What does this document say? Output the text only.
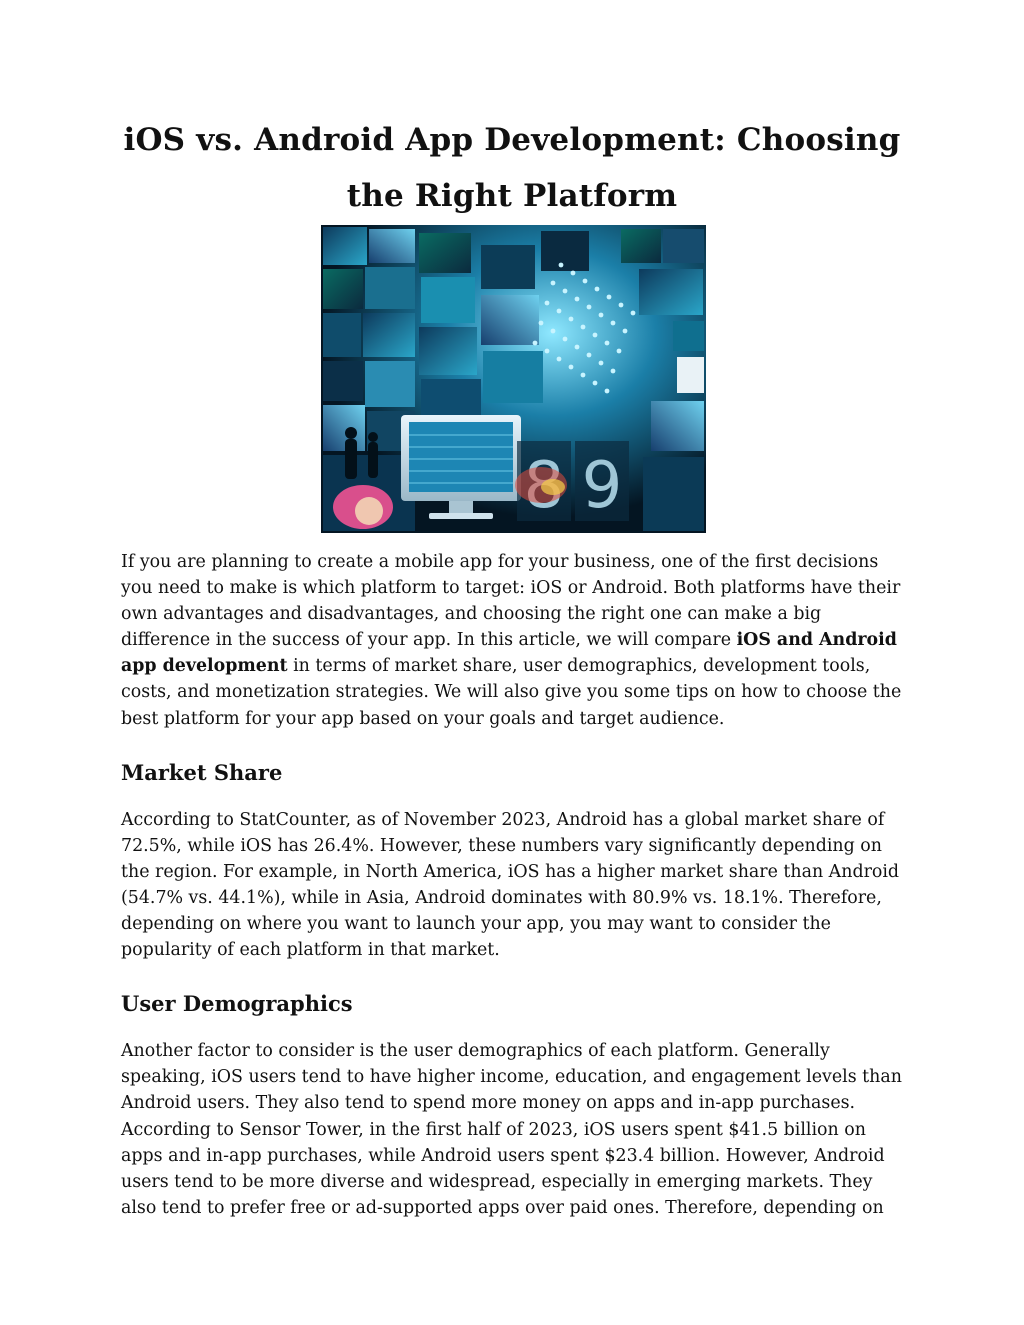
iOS vs. Android App Development: Choosing
the Right Platform
9

If you are planning to create a mobile app for your business, one of the first decisions you need to make is which platform to target: iOS or Android. Both platforms have their own advantages and disadvantages, and choosing the right one can make a big difference in the success of your app. In this article, we will compare iOS and Android app development in terms of market share, user demographics, development tools, costs, and monetization strategies. We will also give you some tips on how to choose the best platform for your app based on your goals and target audience.

Market Share

According to StatCounter, as of November 2023, Android has a global market share of 72.5%, while iOS has 26.4%. However, these numbers vary significantly depending on the region. For example, in North America, iOS has a higher market share than Android (54.7% vs. 44.1%), while in Asia, Android dominates with 80.9% vs. 18.1%. Therefore, depending on where you want to launch your app, you may want to consider the popularity of each platform in that market.

User Demographics

Another factor to consider is the user demographics of each platform. Generally speaking, iOS users tend to have higher income, education, and engagement levels than Android users. They also tend to spend more money on apps and in-app purchases. According to Sensor Tower, in the first half of 2023, iOS users spent $41.5 billion on apps and in-app purchases, while Android users spent $23.4 billion. However, Android users tend to be more diverse and widespread, especially in emerging markets. They also tend to prefer free or ad-supported apps over paid ones. Therefore, depending on
